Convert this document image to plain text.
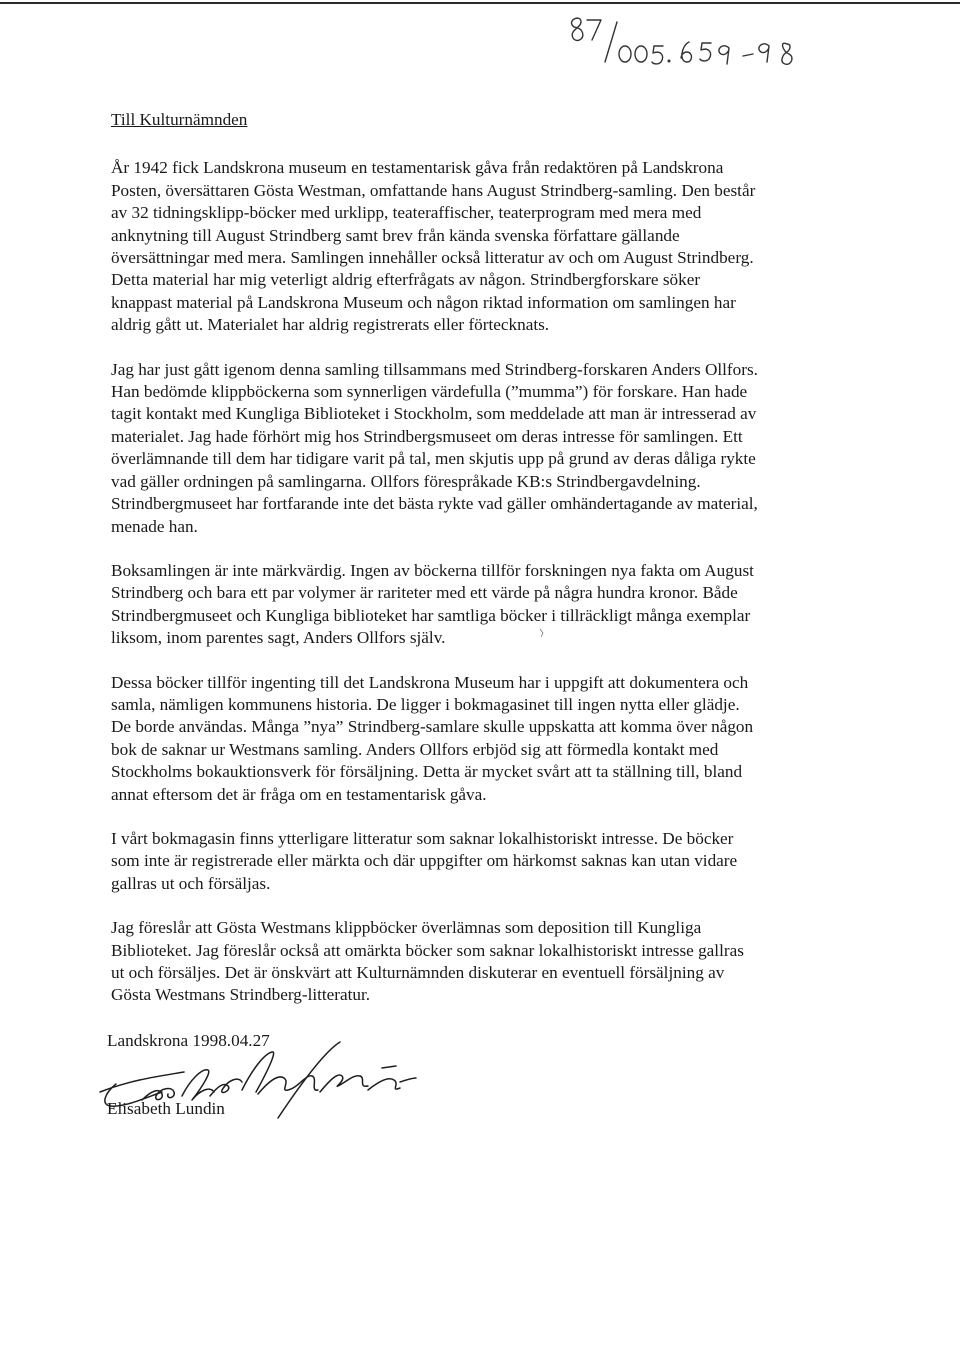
Till Kulturnämnden

År 1942 fick Landskrona museum en testamentarisk gåva från redaktören på Landskrona

Posten, översättaren Gösta Westman, omfattande hans August Strindberg-samling. Den består

av 32 tidningsklipp-böcker med urklipp, teateraffischer, teaterprogram med mera med

anknytning till August Strindberg samt brev från kända svenska författare gällande

översättningar med mera. Samlingen innehåller också litteratur av och om August Strindberg.

Detta material har mig veterligt aldrig efterfrågats av någon. Strindbergforskare söker

knappast material på Landskrona Museum och någon riktad information om samlingen har

aldrig gått ut. Materialet har aldrig registrerats eller förtecknats.

Jag har just gått igenom denna samling tillsammans med Strindberg-forskaren Anders Ollfors.

Han bedömde klippböckerna som synnerligen värdefulla (”mumma”) för forskare. Han hade

tagit kontakt med Kungliga Biblioteket i Stockholm, som meddelade att man är intresserad av

materialet. Jag hade förhört mig hos Strindbergsmuseet om deras intresse för samlingen. Ett

överlämnande till dem har tidigare varit på tal, men skjutis upp på grund av deras dåliga rykte

vad gäller ordningen på samlingarna. Ollfors förespråkade KB:s Strindbergavdelning.

Strindbergmuseet har fortfarande inte det bästa rykte vad gäller omhändertagande av material,

menade han.

Boksamlingen är inte märkvärdig. Ingen av böckerna tillför forskningen nya fakta om August

Strindberg och bara ett par volymer är rariteter med ett värde på några hundra kronor. Både

Strindbergmuseet och Kungliga biblioteket har samtliga böcker i tillräckligt många exemplar

liksom, inom parentes sagt, Anders Ollfors själv.

Dessa böcker tillför ingenting till det Landskrona Museum har i uppgift att dokumentera och

samla, nämligen kommunens historia. De ligger i bokmagasinet till ingen nytta eller glädje.

De borde användas. Många ”nya” Strindberg-samlare skulle uppskatta att komma över någon

bok de saknar ur Westmans samling. Anders Ollfors erbjöd sig att förmedla kontakt med

Stockholms bokauktionsverk för försäljning. Detta är mycket svårt att ta ställning till, bland

annat eftersom det är fråga om en testamentarisk gåva.

I vårt bokmagasin finns ytterligare litteratur som saknar lokalhistoriskt intresse. De böcker

som inte är registrerade eller märkta och där uppgifter om härkomst saknas kan utan vidare

gallras ut och försäljas.

Jag föreslår att Gösta Westmans klippböcker överlämnas som deposition till Kungliga

Biblioteket. Jag föreslår också att omärkta böcker som saknar lokalhistoriskt intresse gallras

ut och försäljes. Det är önskvärt att Kulturnämnden diskuterar en eventuell försäljning av

Gösta Westmans Strindberg-litteratur.

Landskrona 1998.04.27
Elisabeth Lundin
